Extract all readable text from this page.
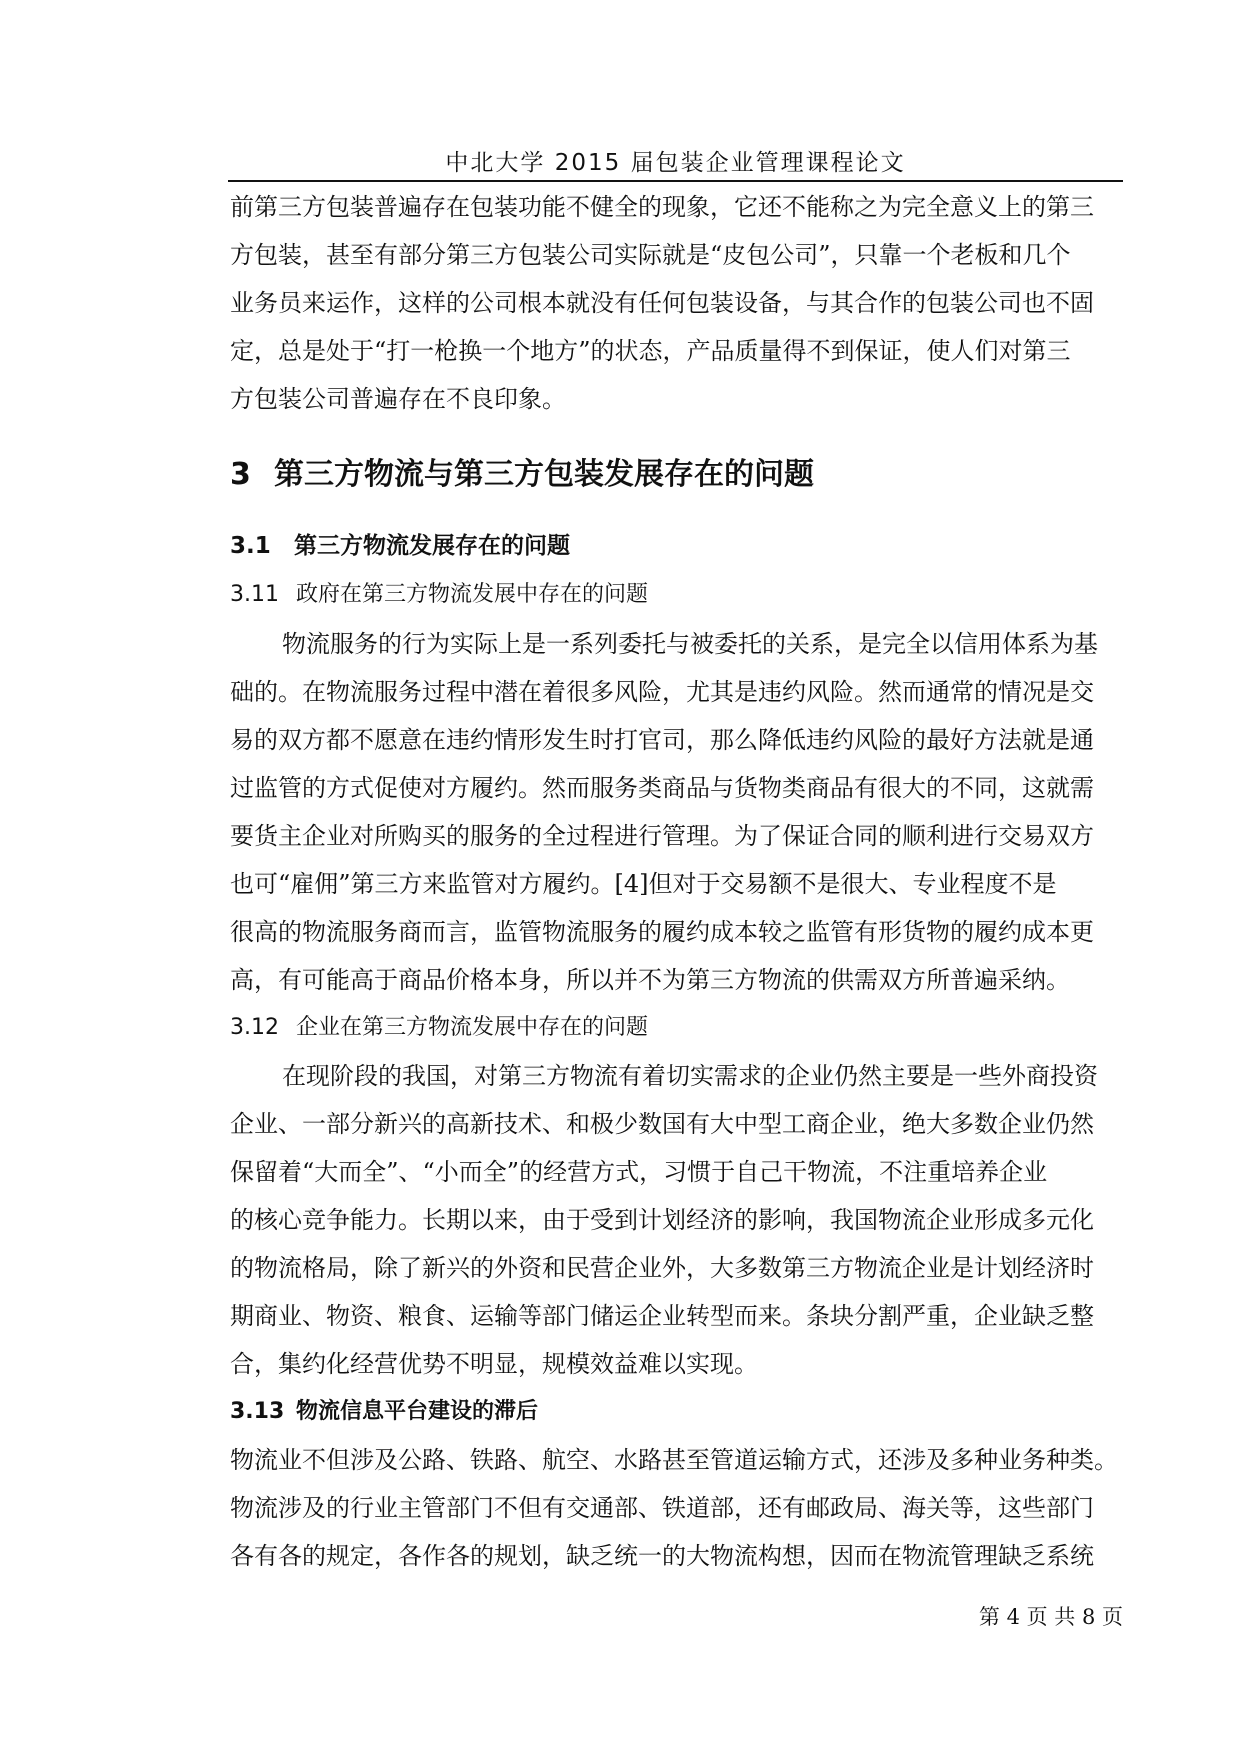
中北大学 2015 届包装企业管理课程论文
前第三方包装普遍存在包装功能不健全的现象，它还不能称之为完全意义上的第三
方包装，甚至有部分第三方包装公司实际就是“皮包公司”，只靠一个老板和几个
业务员来运作，这样的公司根本就没有任何包装设备，与其合作的包装公司也不固
定，总是处于“打一枪换一个地方”的状态，产品质量得不到保证，使人们对第三
方包装公司普遍存在不良印象。
3 第三方物流与第三方包装发展存在的问题
3.1 第三方物流发展存在的问题
3.11 政府在第三方物流发展中存在的问题
物流服务的行为实际上是一系列委托与被委托的关系，是完全以信用体系为基
础的。在物流服务过程中潜在着很多风险，尤其是违约风险。然而通常的情况是交
易的双方都不愿意在违约情形发生时打官司，那么降低违约风险的最好方法就是通
过监管的方式促使对方履约。然而服务类商品与货物类商品有很大的不同，这就需
要货主企业对所购买的服务的全过程进行管理。为了保证合同的顺利进行交易双方
也可“雇佣”第三方来监管对方履约。[4]但对于交易额不是很大、专业程度不是
很高的物流服务商而言，监管物流服务的履约成本较之监管有形货物的履约成本更
高，有可能高于商品价格本身，所以并不为第三方物流的供需双方所普遍采纳。
3.12 企业在第三方物流发展中存在的问题
在现阶段的我国，对第三方物流有着切实需求的企业仍然主要是一些外商投资
企业、一部分新兴的高新技术、和极少数国有大中型工商企业，绝大多数企业仍然
保留着“大而全”、“小而全”的经营方式，习惯于自己干物流，不注重培养企业
的核心竞争能力。长期以来，由于受到计划经济的影响，我国物流企业形成多元化
的物流格局，除了新兴的外资和民营企业外，大多数第三方物流企业是计划经济时
期商业、物资、粮食、运输等部门储运企业转型而来。条块分割严重，企业缺乏整
合，集约化经营优势不明显，规模效益难以实现。
3.13 物流信息平台建设的滞后
物流业不但涉及公路、铁路、航空、水路甚至管道运输方式，还涉及多种业务种类。
物流涉及的行业主管部门不但有交通部、铁道部，还有邮政局、海关等，这些部门
各有各的规定，各作各的规划，缺乏统一的大物流构想，因而在物流管理缺乏系统
第 4 页 共 8 页
